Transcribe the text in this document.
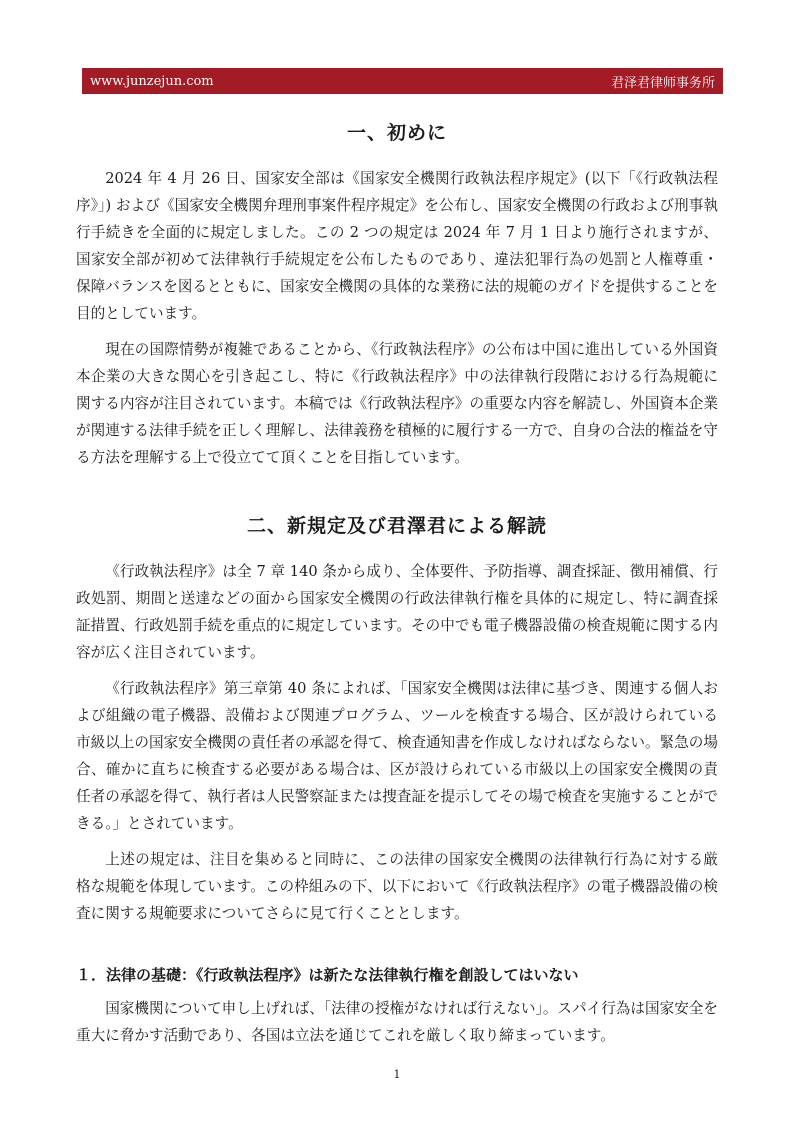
www.junzejun.com	君泽君律师事务所
一、初めに

2024 年 4 月 26 日、国家安全部は《国家安全機関行政執法程序規定》(以下「《行政執法程序》」) および《国家安全機関弁理刑事案件程序規定》を公布し、国家安全機関の行政および刑事執行手続きを全面的に規定しました。この 2 つの規定は 2024 年 7 月 1 日より施行されますが、国家安全部が初めて法律執行手続規定を公布したものであり、違法犯罪行為の処罰と人権尊重・保障バランスを図るとともに、国家安全機関の具体的な業務に法的規範のガイドを提供することを目的としています。

現在の国際情勢が複雑であることから、《行政執法程序》の公布は中国に進出している外国資本企業の大きな関心を引き起こし、特に《行政執法程序》中の法律執行段階における行為規範に関する内容が注目されています。本稿では《行政執法程序》の重要な内容を解読し、外国資本企業が関連する法律手続を正しく理解し、法律義務を積極的に履行する一方で、自身の合法的権益を守る方法を理解する上で役立てて頂くことを目指しています。

二、新規定及び君澤君による解読

《行政執法程序》は全 7 章 140 条から成り、全体要件、予防指導、調査採証、徴用補償、行政処罰、期間と送達などの面から国家安全機関の行政法律執行権を具体的に規定し、特に調査採証措置、行政処罰手続を重点的に規定しています。その中でも電子機器設備の検査規範に関する内容が広く注目されています。

《行政執法程序》第三章第 40 条によれば、「国家安全機関は法律に基づき、関連する個人および組織の電子機器、設備および関連プログラム、ツールを検査する場合、区が設けられている市級以上の国家安全機関の責任者の承認を得て、検査通知書を作成しなければならない。緊急の場合、確かに直ちに検査する必要がある場合は、区が設けられている市級以上の国家安全機関の責任者の承認を得て、執行者は人民警察証または捜査証を提示してその場で検査を実施することができる。」とされています。

上述の規定は、注目を集めると同時に、この法律の国家安全機関の法律執行行為に対する厳格な規範を体現しています。この枠組みの下、以下において《行政執法程序》の電子機器設備の検査に関する規範要求についてさらに見て行くこととします。

１．法律の基礎：《行政執法程序》は新たな法律執行権を創設してはいない

国家機関について申し上げれば、「法律の授権がなければ行えない」。スパイ行為は国家安全を重大に脅かす活動であり、各国は立法を通じてこれを厳しく取り締まっています。

1
